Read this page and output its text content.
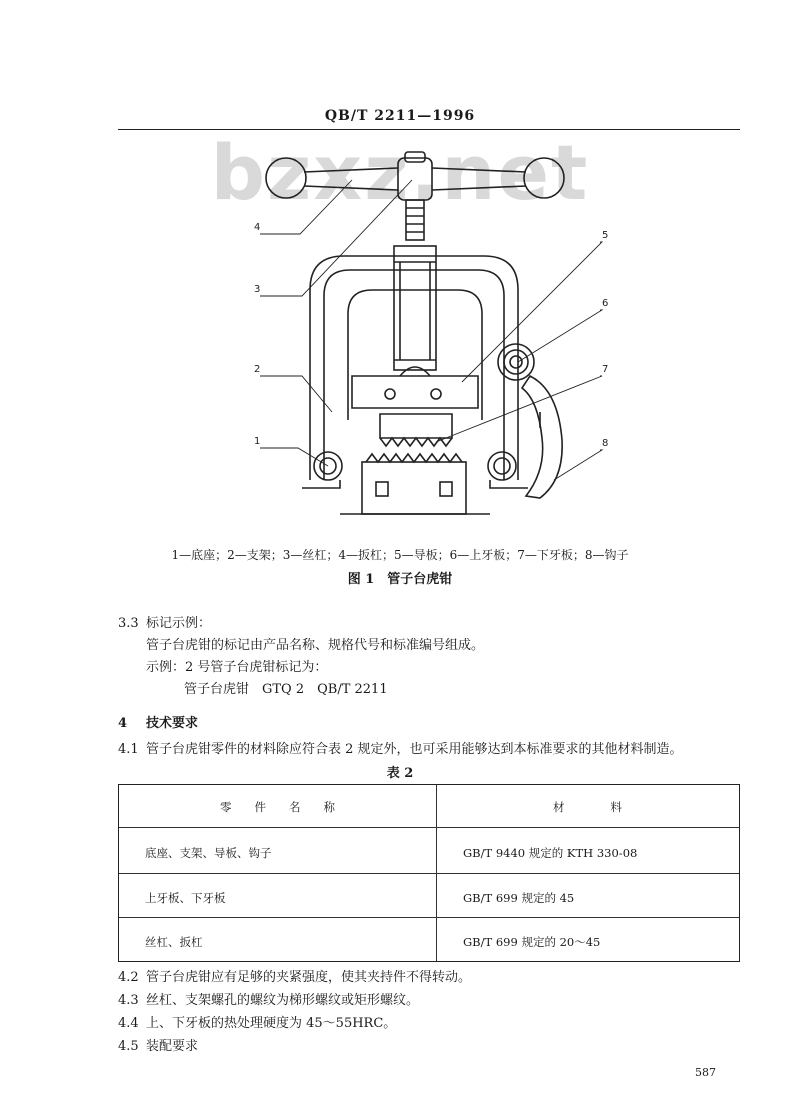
QB/T 2211—1996
bzxz.net
1
2
3
4
5
6
7
8
1—底座；2—支架；3—丝杠；4—扳杠；5—导板；6—上牙板；7—下牙板；8—钩子
图 1　管子台虎钳
3.3 标记示例：
管子台虎钳的标记由产品名称、规格代号和标准编号组成。
示例：2 号管子台虎钳标记为：
管子台虎钳　GTQ 2　QB/T 2211
4 技术要求
4.1 管子台虎钳零件的材料除应符合表 2 规定外，也可采用能够达到本标准要求的其他材料制造。
表 2
零　　件　　名　　称	材　　　　料
底座、支架、导板、钩子	GB/T 9440 规定的 KTH 330-08
上牙板、下牙板	GB/T 699 规定的 45
丝杠、扳杠	GB/T 699 规定的 20～45
4.2 管子台虎钳应有足够的夹紧强度，使其夹持件不得转动。
4.3 丝杠、支架螺孔的螺纹为梯形螺纹或矩形螺纹。
4.4 上、下牙板的热处理硬度为 45～55HRC。
4.5 装配要求
587
